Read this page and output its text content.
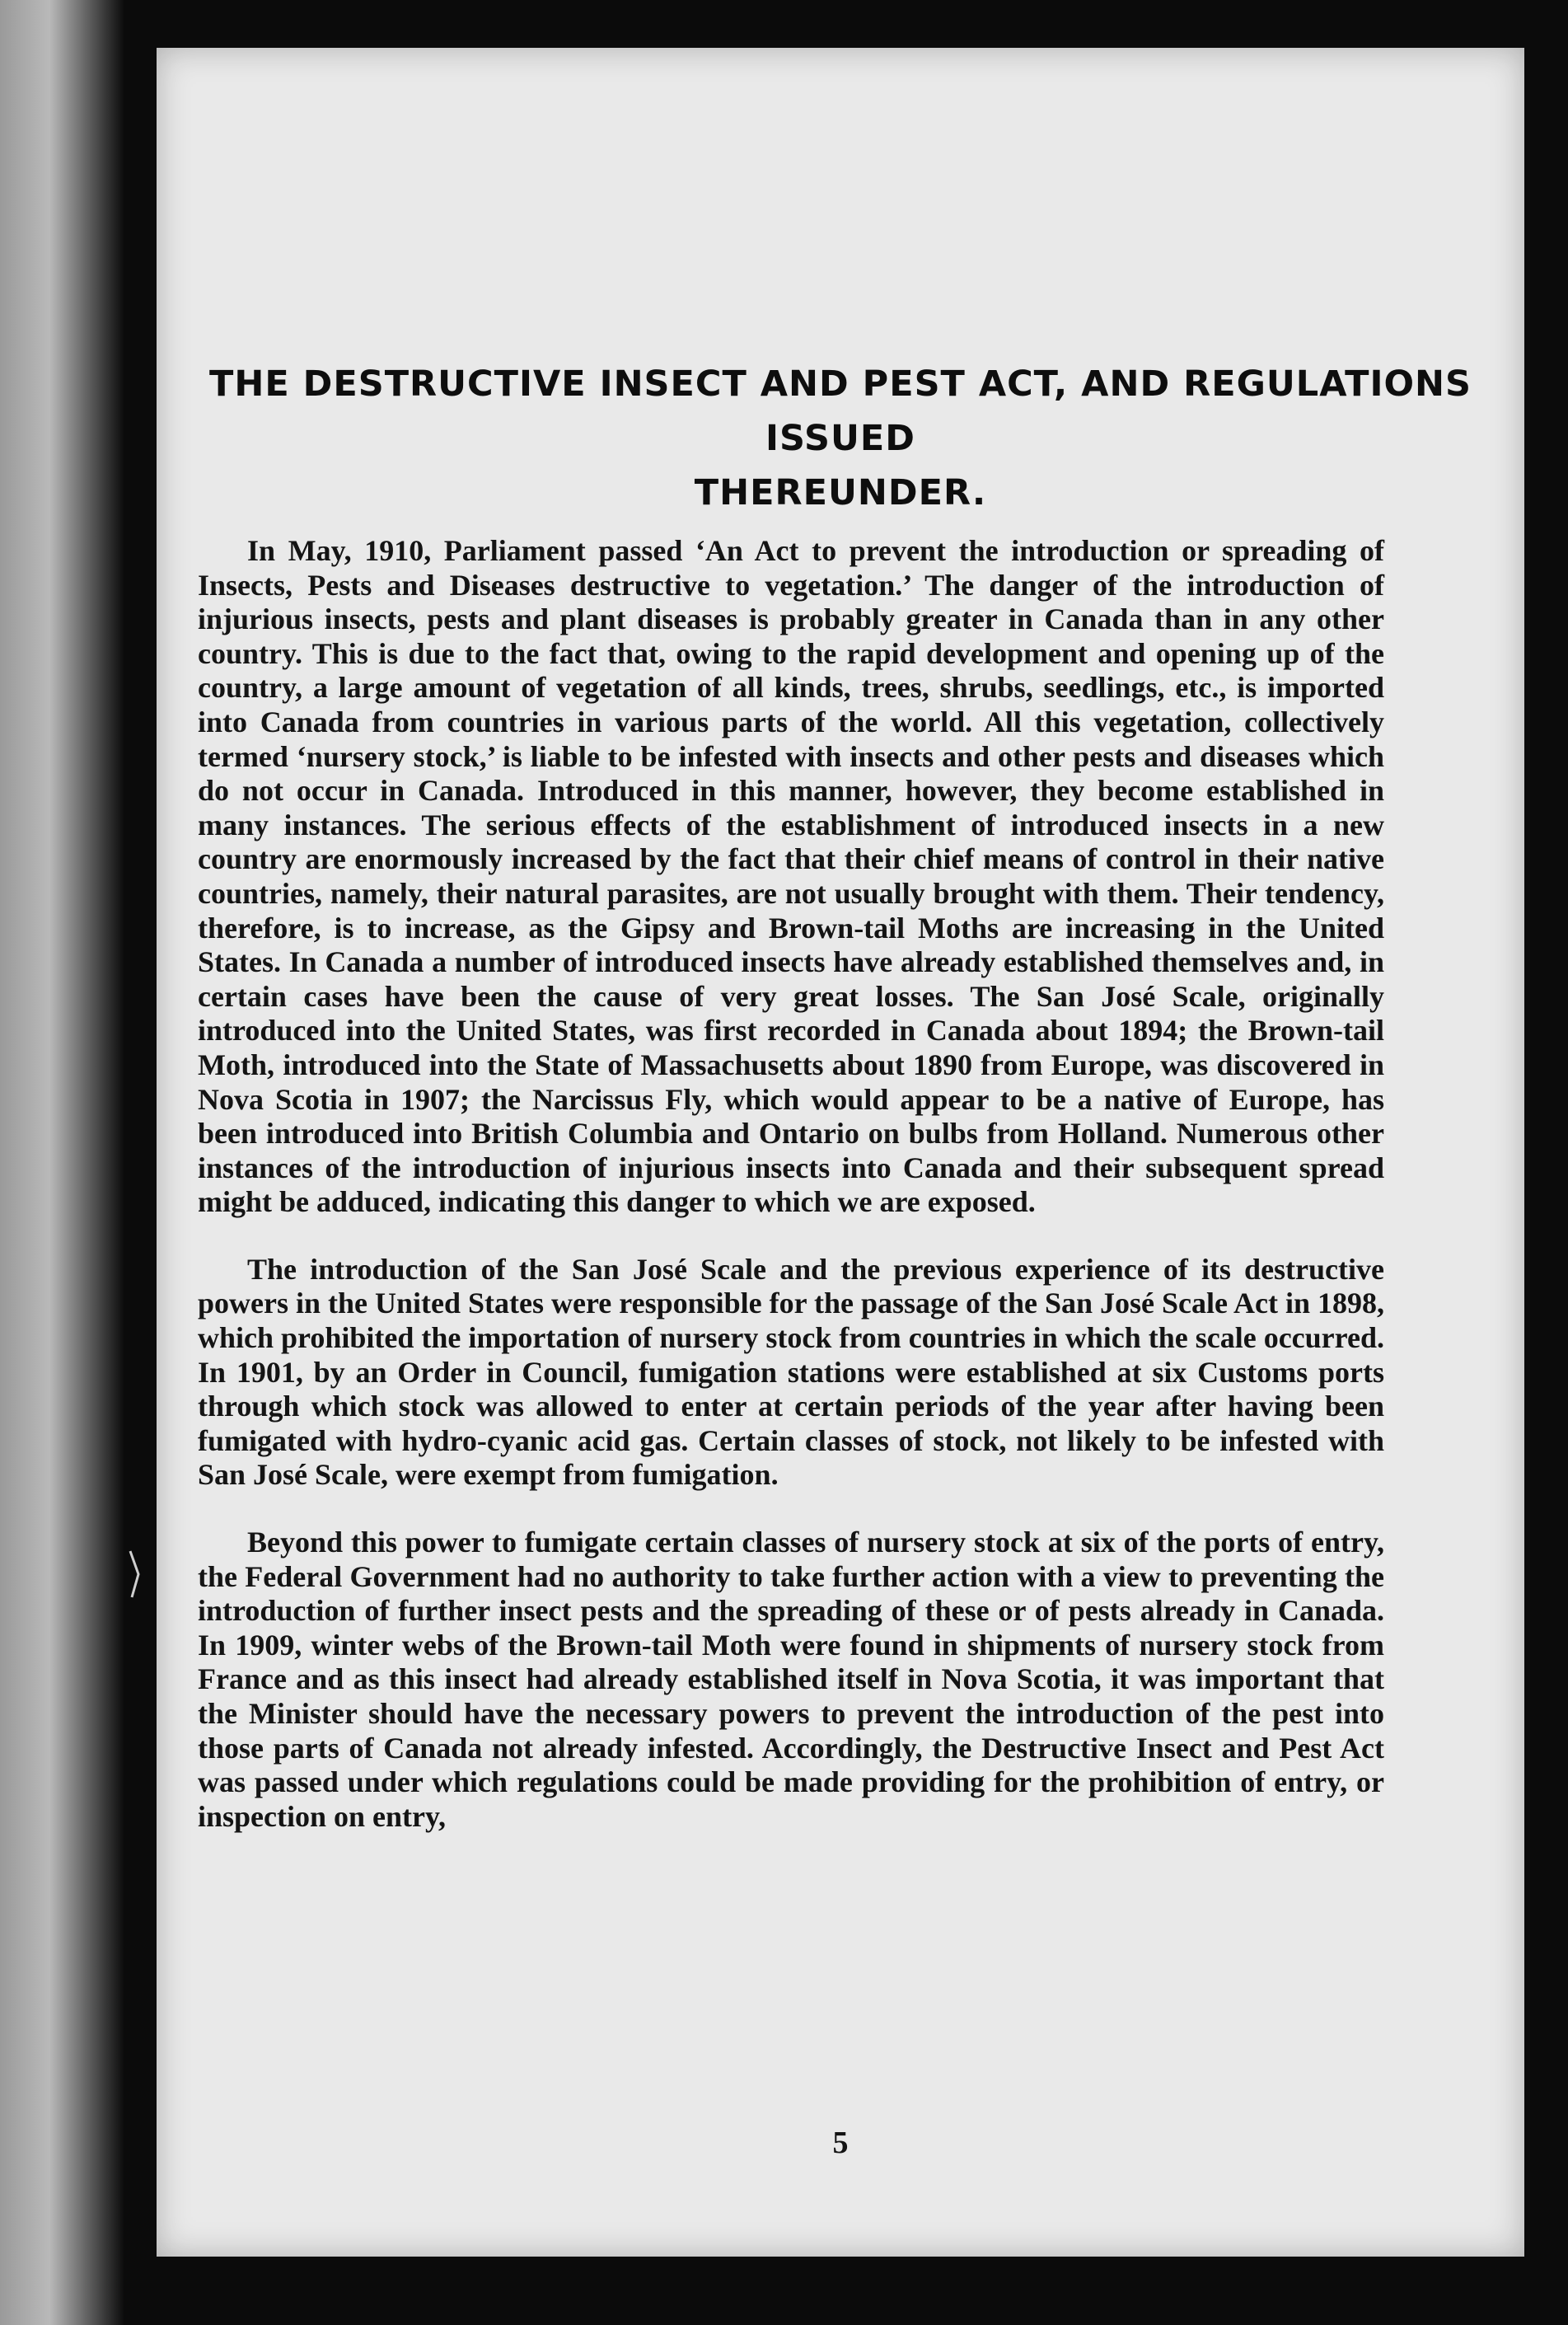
THE DESTRUCTIVE INSECT AND PEST ACT, AND REGULATIONS ISSUED
THEREUNDER.

In May, 1910, Parliament passed ‘An Act to prevent the introduction or spreading of Insects, Pests and Diseases destructive to vegetation.’ The danger of the introduction of injurious insects, pests and plant diseases is probably greater in Canada than in any other country. This is due to the fact that, owing to the rapid development and opening up of the country, a large amount of vegetation of all kinds, trees, shrubs, seedlings, etc., is imported into Canada from countries in various parts of the world. All this vegetation, collectively termed ‘nursery stock,’ is liable to be infested with insects and other pests and diseases which do not occur in Canada. Introduced in this manner, however, they become established in many instances. The serious effects of the establishment of introduced insects in a new country are enormously increased by the fact that their chief means of control in their native countries, namely, their natural parasites, are not usually brought with them. Their tendency, therefore, is to increase, as the Gipsy and Brown-tail Moths are increasing in the United States. In Canada a number of introduced insects have already established themselves and, in certain cases have been the cause of very great losses. The San José Scale, originally introduced into the United States, was first recorded in Canada about 1894; the Brown-tail Moth, introduced into the State of Massachusetts about 1890 from Europe, was discovered in Nova Scotia in 1907; the Narcissus Fly, which would appear to be a native of Europe, has been introduced into British Columbia and Ontario on bulbs from Holland. Numerous other instances of the introduction of injurious insects into Canada and their subsequent spread might be adduced, indicating this danger to which we are exposed.

The introduction of the San José Scale and the previous experience of its destructive powers in the United States were responsible for the passage of the San José Scale Act in 1898, which prohibited the importation of nursery stock from countries in which the scale occurred. In 1901, by an Order in Council, fumigation stations were established at six Customs ports through which stock was allowed to enter at certain periods of the year after having been fumigated with hydro-cyanic acid gas. Certain classes of stock, not likely to be infested with San José Scale, were exempt from fumigation.

Beyond this power to fumigate certain classes of nursery stock at six of the ports of entry, the Federal Government had no authority to take further action with a view to preventing the introduction of further insect pests and the spreading of these or of pests already in Canada. In 1909, winter webs of the Brown-tail Moth were found in shipments of nursery stock from France and as this insect had already established itself in Nova Scotia, it was important that the Minister should have the necessary powers to prevent the introduction of the pest into those parts of Canada not already infested. Accordingly, the Destructive Insect and Pest Act was passed under which regulations could be made providing for the prohibition of entry, or inspection on entry,

5
